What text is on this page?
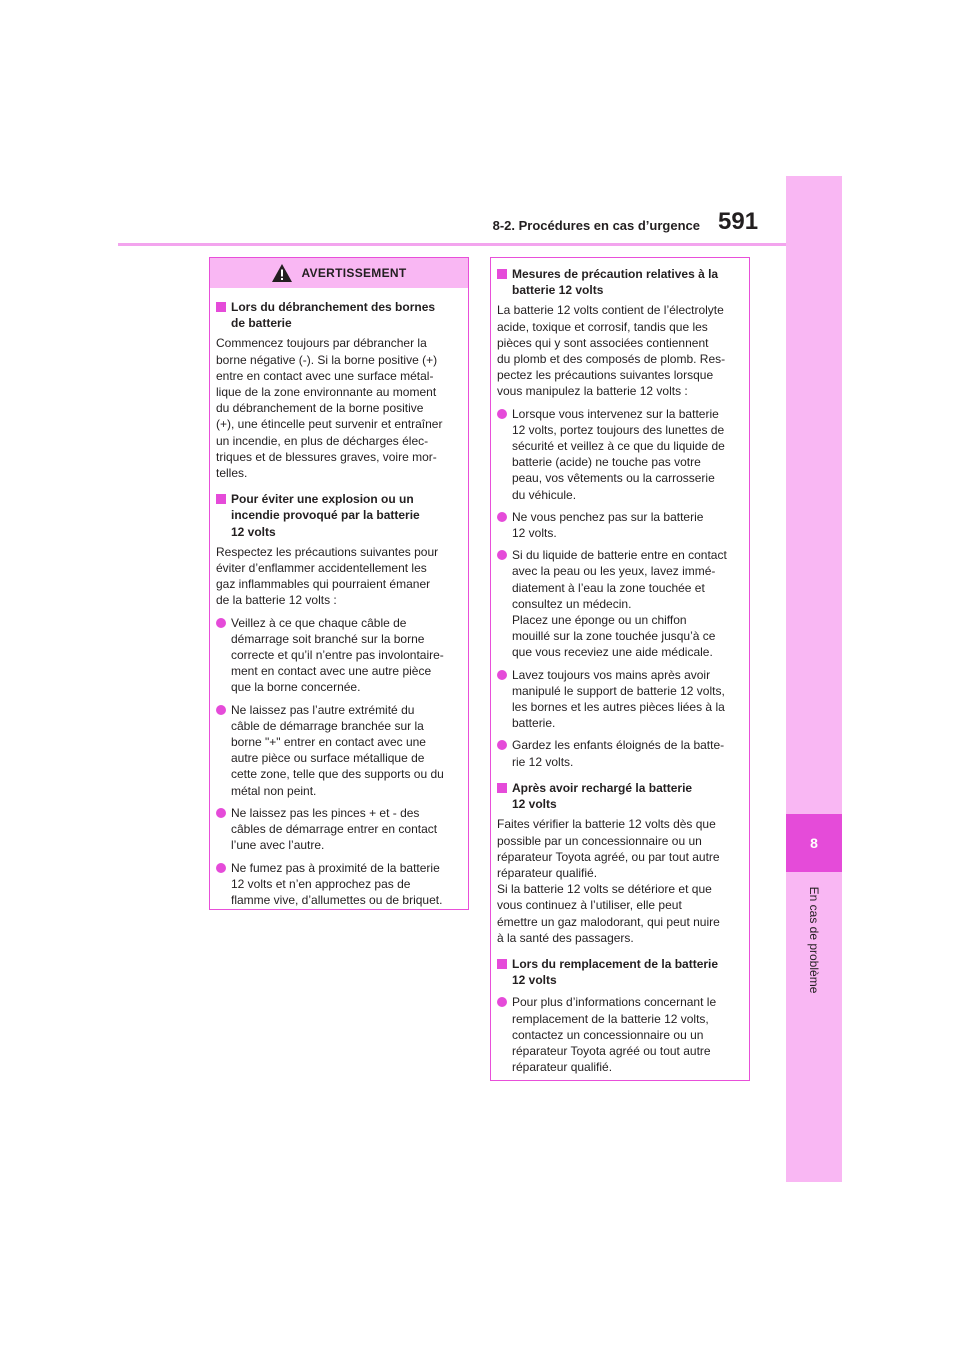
8
En cas de problème
8-2. Procédures en cas d’urgence 591
AVERTISSEMENT
Lors du débranchement des bornes
de batterie
Commencez toujours par débrancher la
borne négative (-). Si la borne positive (+)
entre en contact avec une surface métal-
lique de la zone environnante au moment
du débranchement de la borne positive
(+), une étincelle peut survenir et entraîner
un incendie, en plus de décharges élec-
triques et de blessures graves, voire mor-
telles.
Pour éviter une explosion ou un
incendie provoqué par la batterie
12 volts
Respectez les précautions suivantes pour
éviter d’enflammer accidentellement les
gaz inflammables qui pourraient émaner
de la batterie 12 volts :
Veillez à ce que chaque câble de
démarrage soit branché sur la borne
correcte et qu’il n’entre pas involontaire-
ment en contact avec une autre pièce
que la borne concernée.
Ne laissez pas l’autre extrémité du
câble de démarrage branchée sur la
borne "+" entrer en contact avec une
autre pièce ou surface métallique de
cette zone, telle que des supports ou du
métal non peint.
Ne laissez pas les pinces + et - des
câbles de démarrage entrer en contact
l’une avec l’autre.
Ne fumez pas à proximité de la batterie
12 volts et n’en approchez pas de
flamme vive, d’allumettes ou de briquet.
Mesures de précaution relatives à la
batterie 12 volts
La batterie 12 volts contient de l’électrolyte
acide, toxique et corrosif, tandis que les
pièces qui y sont associées contiennent
du plomb et des composés de plomb. Res-
pectez les précautions suivantes lorsque
vous manipulez la batterie 12 volts :
Lorsque vous intervenez sur la batterie
12 volts, portez toujours des lunettes de
sécurité et veillez à ce que du liquide de
batterie (acide) ne touche pas votre
peau, vos vêtements ou la carrosserie
du véhicule.
Ne vous penchez pas sur la batterie
12 volts.
Si du liquide de batterie entre en contact
avec la peau ou les yeux, lavez immé-
diatement à l’eau la zone touchée et
consultez un médecin.
Placez une éponge ou un chiffon
mouillé sur la zone touchée jusqu’à ce
que vous receviez une aide médicale.
Lavez toujours vos mains après avoir
manipulé le support de batterie 12 volts,
les bornes et les autres pièces liées à la
batterie.
Gardez les enfants éloignés de la batte-
rie 12 volts.
Après avoir rechargé la batterie
12 volts
Faites vérifier la batterie 12 volts dès que
possible par un concessionnaire ou un
réparateur Toyota agréé, ou par tout autre
réparateur qualifié.
Si la batterie 12 volts se détériore et que
vous continuez à l’utiliser, elle peut
émettre un gaz malodorant, qui peut nuire
à la santé des passagers.
Lors du remplacement de la batterie
12 volts
Pour plus d’informations concernant le
remplacement de la batterie 12 volts,
contactez un concessionnaire ou un
réparateur Toyota agréé ou tout autre
réparateur qualifié.
